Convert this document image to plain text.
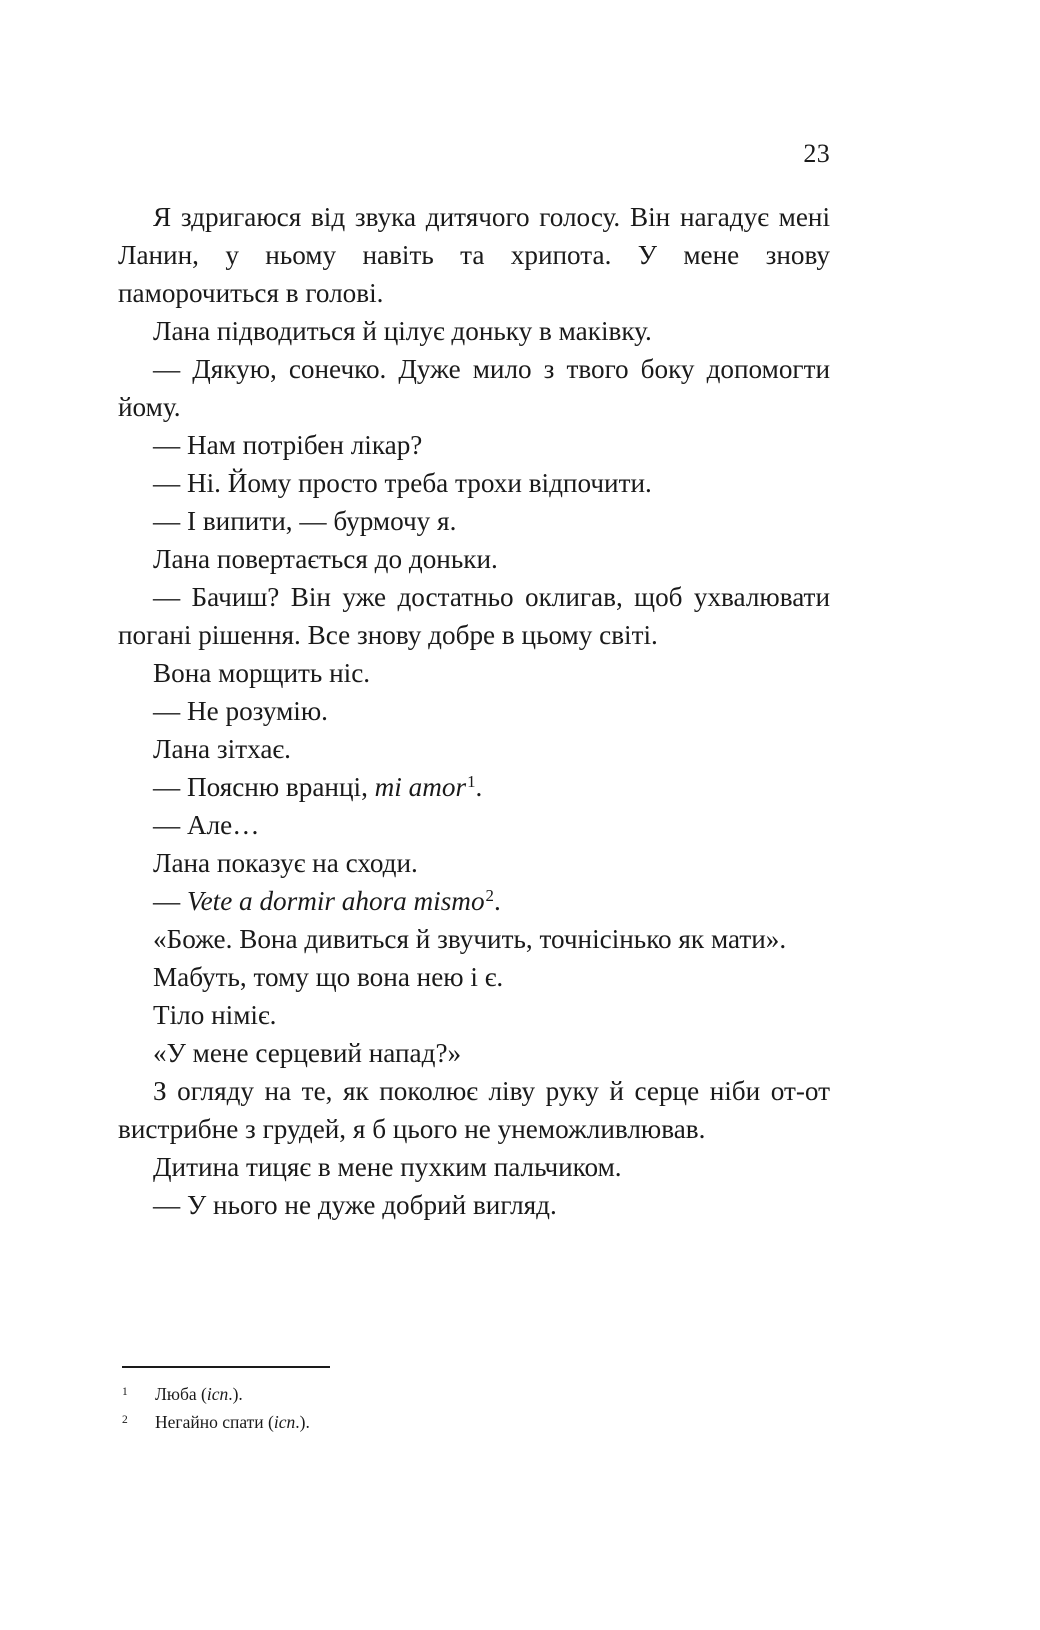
23

Я здригаюся від звука дитячого голосу. Він нагадує мені Ланин, у ньому навіть та хрипота. У мене знову паморочиться в голові.

Лана підводиться й цілує доньку в маківку.

— Дякую, сонечко. Дуже мило з твого боку допомогти йому.

— Нам потрібен лікар?

— Ні. Йому просто треба трохи відпочити.

— І випити, — бурмочу я.

Лана повертається до доньки.

— Бачиш? Він уже достатньо оклигав, щоб ухвалювати погані рішення. Все знову добре в цьому світі.

Вона морщить ніс.

— Не розумію.

Лана зітхає.

— Поясню вранці, mi amor$^1$.

— Але…

Лана показує на сходи.

— Vete a dormir ahora mismo$^2$.

«Боже. Вона дивиться й звучить, точнісінько як мати».

Мабуть, тому що вона нею і є.

Тіло німіє.

«У мене серцевий напад?»

З огляду на те, як поколює ліву руку й серце ніби от-от вистрибне з грудей, я б цього не унеможливлював.

Дитина тицяє в мене пухким пальчиком.

— У нього не дуже добрий вигляд.

1	Люба (ісп.).
2	Негайно спати (ісп.).
